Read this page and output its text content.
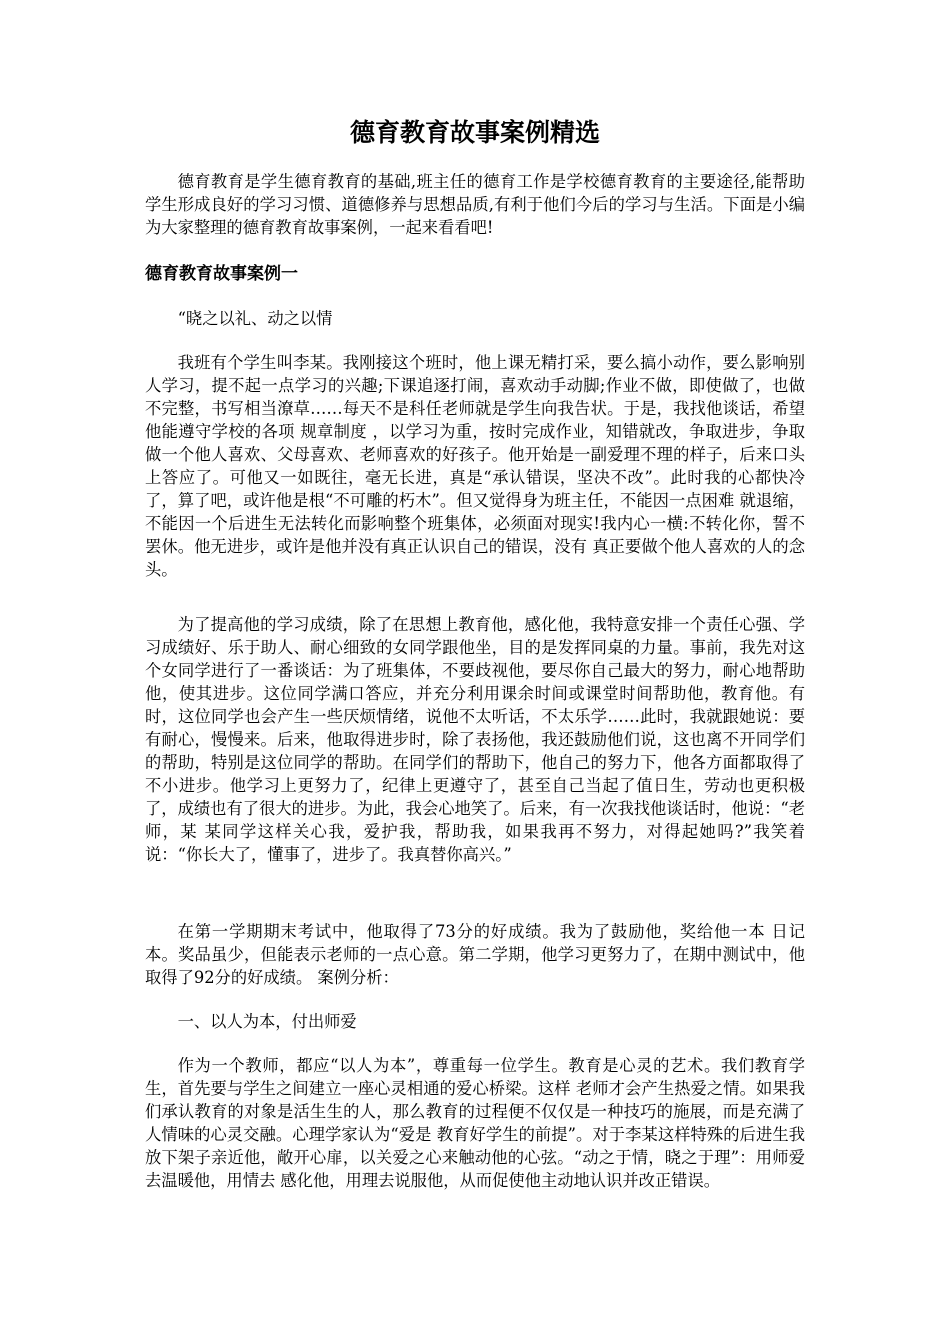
德育教育故事案例精选

德育教育是学生德育教育的基础,班主任的德育工作是学校德育教育的主要途径,能帮助学生形成良好的学习习惯、道德修养与思想品质,有利于他们今后的学习与生活。下面是小编为大家整理的德育教育故事案例，一起来看看吧!

德育教育故事案例一

“晓之以礼、动之以情

我班有个学生叫李某。我刚接这个班时，他上课无精打采，要么搞小动作，要么影响别人学习，提不起一点学习的兴趣;下课追逐打闹，喜欢动手动脚;作业不做，即使做了，也做不完整，书写相当潦草……每天不是科任老师就是学生向我告状。于是，我找他谈话，希望他能遵守学校的各项 规章制度 ，以学习为重，按时完成作业，知错就改，争取进步，争取做一个他人喜欢、父母喜欢、老师喜欢的好孩子。他开始是一副爱理不理的样子，后来口头上答应了。可他又一如既往，毫无长进，真是“承认错误，坚决不改”。此时我的心都快冷了，算了吧，或许他是根“不可雕的朽木”。但又觉得身为班主任，不能因一点困难 就退缩，不能因一个后进生无法转化而影响整个班集体，必须面对现实!我内心一横:不转化你，誓不罢休。他无进步，或许是他并没有真正认识自己的错误，没有 真正要做个他人喜欢的人的念头。

为了提高他的学习成绩，除了在思想上教育他，感化他，我特意安排一个责任心强、学习成绩好、乐于助人、耐心细致的女同学跟他坐，目的是发挥同桌的力量。事前，我先对这个女同学进行了一番谈话：为了班集体，不要歧视他，要尽你自己最大的努力，耐心地帮助他，使其进步。这位同学满口答应，并充分利用课余时间或课堂时间帮助他，教育他。有时，这位同学也会产生一些厌烦情绪，说他不太听话，不太乐学……此时，我就跟她说：要有耐心，慢慢来。后来，他取得进步时，除了表扬他，我还鼓励他们说，这也离不开同学们的帮助，特别是这位同学的帮助。在同学们的帮助下，他自己的努力下，他各方面都取得了不小进步。他学习上更努力了，纪律上更遵守了，甚至自己当起了值日生，劳动也更积极了，成绩也有了很大的进步。为此，我会心地笑了。后来，有一次我找他谈话时，他说：“老师，某 某同学这样关心我，爱护我，帮助我，如果我再不努力，对得起她吗?”我笑着说：“你长大了，懂事了，进步了。我真替你高兴。”

在第一学期期末考试中，他取得了73分的好成绩。我为了鼓励他，奖给他一本 日记 本。奖品虽少，但能表示老师的一点心意。第二学期，他学习更努力了，在期中测试中，他取得了92分的好成绩。 案例分析：

一、以人为本，付出师爱

作为一个教师，都应“以人为本”，尊重每一位学生。教育是心灵的艺术。我们教育学生，首先要与学生之间建立一座心灵相通的爱心桥梁。这样 老师才会产生热爱之情。如果我们承认教育的对象是活生生的人，那么教育的过程便不仅仅是一种技巧的施展，而是充满了人情味的心灵交融。心理学家认为“爱是 教育好学生的前提”。对于李某这样特殊的后进生我放下架子亲近他，敞开心扉，以关爱之心来触动他的心弦。“动之于情，晓之于理”：用师爱去温暖他，用情去 感化他，用理去说服他，从而促使他主动地认识并改正错误。
